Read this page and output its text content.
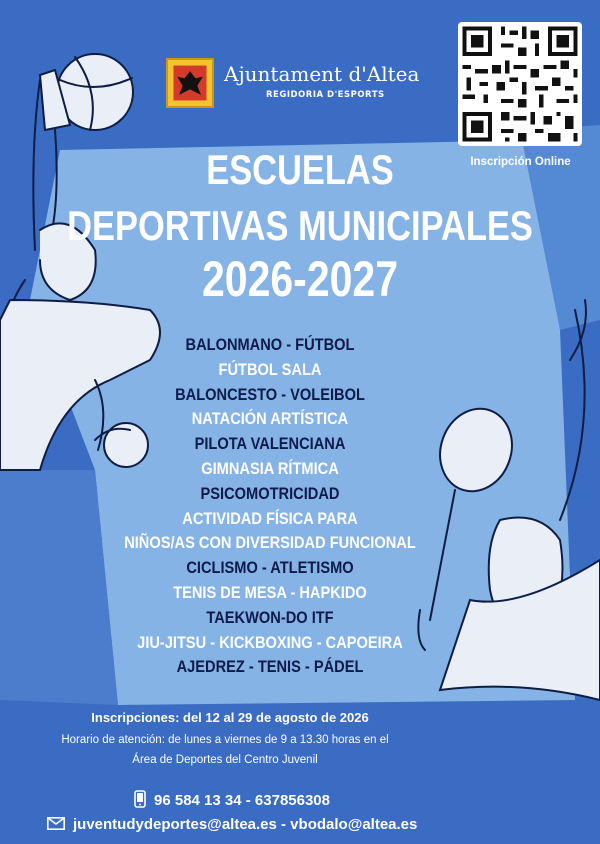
Ajuntament d'Altea
REGIDORIA D'ESPORTS
Inscripción Online
ESCUELAS
DEPORTIVAS MUNICIPALES
2026-2027
BALONMANO - FÚTBOL
FÚTBOL SALA
BALONCESTO - VOLEIBOL
NATACIÓN ARTÍSTICA
PILOTA VALENCIANA
GIMNASIA RÍTMICA
PSICOMOTRICIDAD
ACTIVIDAD FÍSICA PARA
NIÑOS/AS CON DIVERSIDAD FUNCIONAL
CICLISMO - ATLETISMO
TENIS DE MESA - HAPKIDO
TAEKWON-DO ITF
JIU-JITSU - KICKBOXING - CAPOEIRA
AJEDREZ - TENIS - PÁDEL
Inscripciones: del 12 al 29 de agosto de 2026
Horario de atención: de lunes a viernes de 9 a 13.30 horas en el
Área de Deportes del Centro Juvenil
96 584 13 34 - 637856308
juventudydeportes@altea.es - vbodalo@altea.es
